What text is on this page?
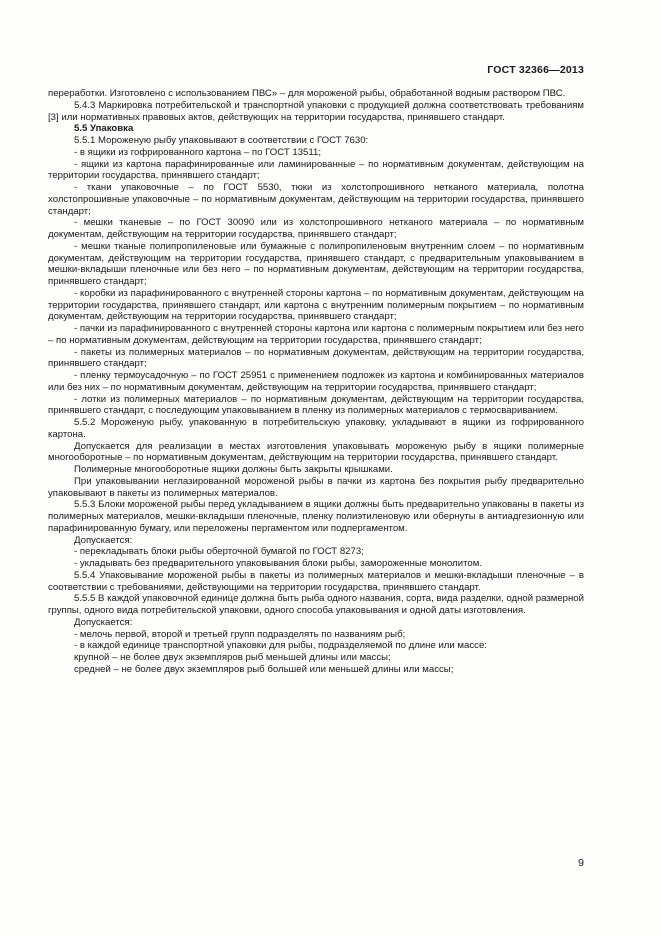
ГОСТ 32366—2013

переработки. Изготовлено с использованием ПВС» – для мороженой рыбы, обработанной водным раствором ПВС.

5.4.3 Маркировка потребительской и транспортной упаковки с продукцией должна соответствовать требованиям [3] или нормативных правовых актов, действующих на территории государства, принявшего стандарт.

5.5 Упаковка

5.5.1 Мороженую рыбу упаковывают в соответствии с ГОСТ 7630:

- в ящики из гофрированного картона – по ГОСТ 13511;

- ящики из картона парафинированные или ламинированные – по нормативным документам, действующим на территории государства, принявшего стандарт;

- ткани упаковочные – по ГОСТ 5530, тюки из холстопрошивного нетканого материала, полотна холстопрошивные упаковочные – по нормативным документам, действующим на территории государства, принявшего стандарт;

- мешки тканевые – по ГОСТ 30090 или из холстопрошивного нетканого материала – по нормативным документам, действующим на территории государства, принявшего стандарт;

- мешки тканые полипропиленовые или бумажные с полипропиленовым внутренним слоем – по нормативным документам, действующим на территории государства, принявшего стандарт, с предварительным упаковыванием в мешки-вкладыши пленочные или без него – по нормативным документам, действующим на территории государства, принявшего стандарт;

- коробки из парафинированного с внутренней стороны картона – по нормативным документам, действующим на территории государства, принявшего стандарт, или картона с внутренним полимерным покрытием – по нормативным документам, действующим на территории государства, принявшего стандарт;

- пачки из парафинированного с внутренней стороны картона или картона с полимерным покрытием или без него – по нормативным документам, действующим на территории государства, принявшего стандарт;

- пакеты из полимерных материалов – по нормативным документам, действующим на территории государства, принявшего стандарт;

- пленку термоусадочную – по ГОСТ 25951 с применением подложек из картона и комбинированных материалов или без них – по нормативным документам, действующим на территории государства, принявшего стандарт;

- лотки из полимерных материалов – по нормативным документам, действующим на территории государства, принявшего стандарт, с последующим упаковыванием в пленку из полимерных материалов с термосвариванием.

5.5.2 Мороженую рыбу, упакованную в потребительскую упаковку, укладывают в ящики из гофрированного картона.

Допускается для реализации в местах изготовления упаковывать мороженую рыбу в ящики полимерные многооборотные – по нормативным документам, действующим на территории государства, принявшего стандарт.

Полимерные многооборотные ящики должны быть закрыты крышками.

При упаковывании неглазированной мороженой рыбы в пачки из картона без покрытия рыбу предварительно упаковывают в пакеты из полимерных материалов.

5.5.3 Блоки мороженой рыбы перед укладыванием в ящики должны быть предварительно упакованы в пакеты из полимерных материалов, мешки-вкладыши пленочные, пленку полиэтиленовую или обернуты в антиадгезионную или парафинированную бумагу, или переложены пергаментом или подпергаментом.

Допускается:

- перекладывать блоки рыбы оберточной бумагой по ГОСТ 8273;

- укладывать без предварительного упаковывания блоки рыбы, замороженные монолитом.

5.5.4 Упаковывание мороженой рыбы в пакеты из полимерных материалов и мешки-вкладыши пленочные – в соответствии с требованиями, действующими на территории государства, принявшего стандарт.

5.5.5 В каждой упаковочной единице должна быть рыба одного названия, сорта, вида разделки, одной размерной группы, одного вида потребительской упаковки, одного способа упаковывания и одной даты изготовления.

Допускается:

- мелочь первой, второй и третьей групп подразделять по названиям рыб;

- в каждой единице транспортной упаковки для рыбы, подразделяемой по длине или массе:

крупной – не более двух экземпляров рыб меньшей длины или массы;

средней – не более двух экземпляров рыб большей или меньшей длины или массы;

9
